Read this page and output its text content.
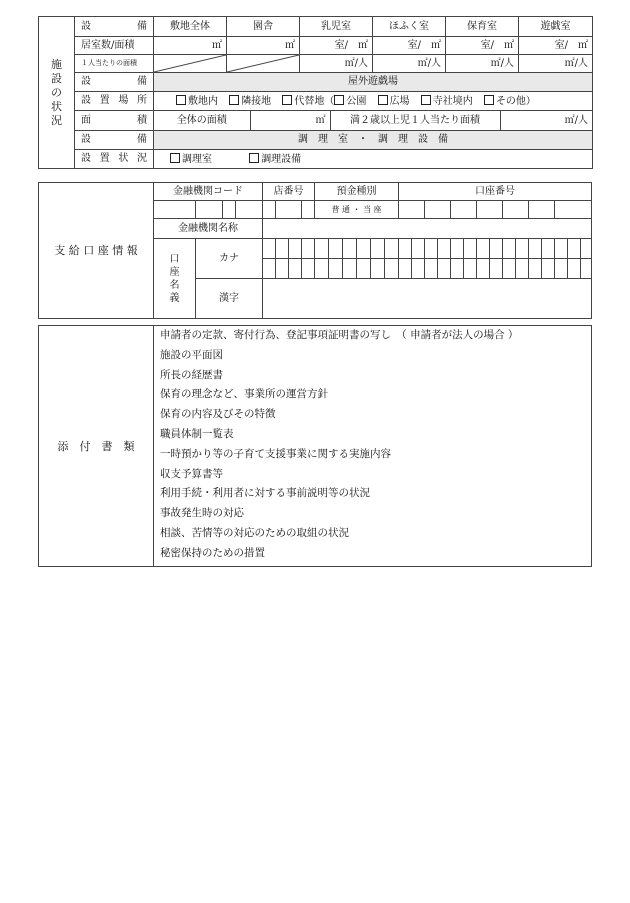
施設の状況	設　　　備	敷地全体	園舎	乳児室	ほふく室	保育室	遊戯室
居室数/面積	㎡	㎡	室/　㎡	室/　㎡	室/　㎡	室/　㎡
１人当たりの面積			㎡/人	㎡/人	㎡/人	㎡/人
設　　　備	屋外遊戯場
設 置 場 所	敷地内 隣接地 代替地（ 公園 広場 寺社境内 その他）
面　　　積		全体の面積	㎡	満２歳以上児１人当たり面積	㎡/人

設　　　備	調　理　室　・　調　理　設　備
設 置 状 況	調理室	調理設備
支 給 口 座 情 報	金融機関コード				店番号				預金種別						口座番号														
									普 通 ・ 当 座																				
	金融機関名称																												
	口座名義	カナ																											

		漢字																											
添　付　書　類	
申請者の定款、寄付行為、登記事項証明書の写し　（ 申請者が法人の場合 ）
施設の平面図
所長の経歴書
保育の理念など、事業所の運営方針
保育の内容及びその特徴
職員体制一覧表
一時預かり等の子育て支援事業に関する実施内容
収支予算書等
利用手続・利用者に対する事前説明等の状況
事故発生時の対応
相談、苦情等の対応のための取組の状況
秘密保持のための措置
